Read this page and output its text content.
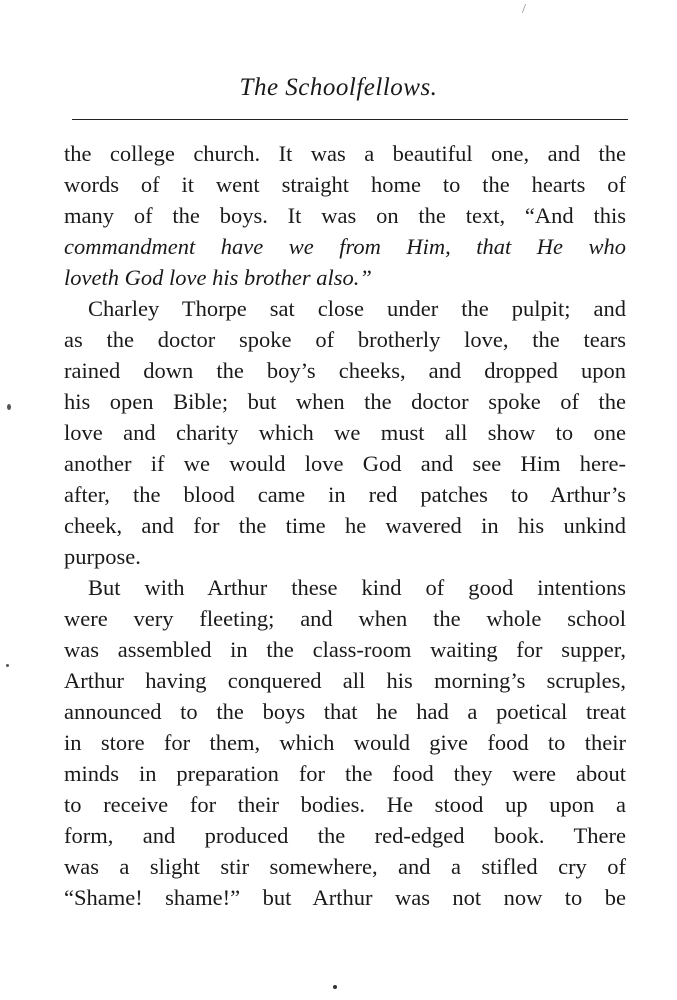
/
The Schoolfellows.
the college church. It was a beautiful one, and the
words of it went straight home to the hearts of
many of the boys. It was on the text, “And this
commandment have we from Him, that He who
loveth God love his brother also.”
Charley Thorpe sat close under the pulpit; and
as the doctor spoke of brotherly love, the tears
rained down the boy’s cheeks, and dropped upon
his open Bible; but when the doctor spoke of the
love and charity which we must all show to one
another if we would love God and see Him here-
after, the blood came in red patches to Arthur’s
cheek, and for the time he wavered in his unkind
purpose.
But with Arthur these kind of good intentions
were very fleeting; and when the whole school
was assembled in the class-room waiting for supper,
Arthur having conquered all his morning’s scruples,
announced to the boys that he had a poetical treat
in store for them, which would give food to their
minds in preparation for the food they were about
to receive for their bodies. He stood up upon a
form, and produced the red-edged book. There
was a slight stir somewhere, and a stifled cry of
“Shame! shame!” but Arthur was not now to be
